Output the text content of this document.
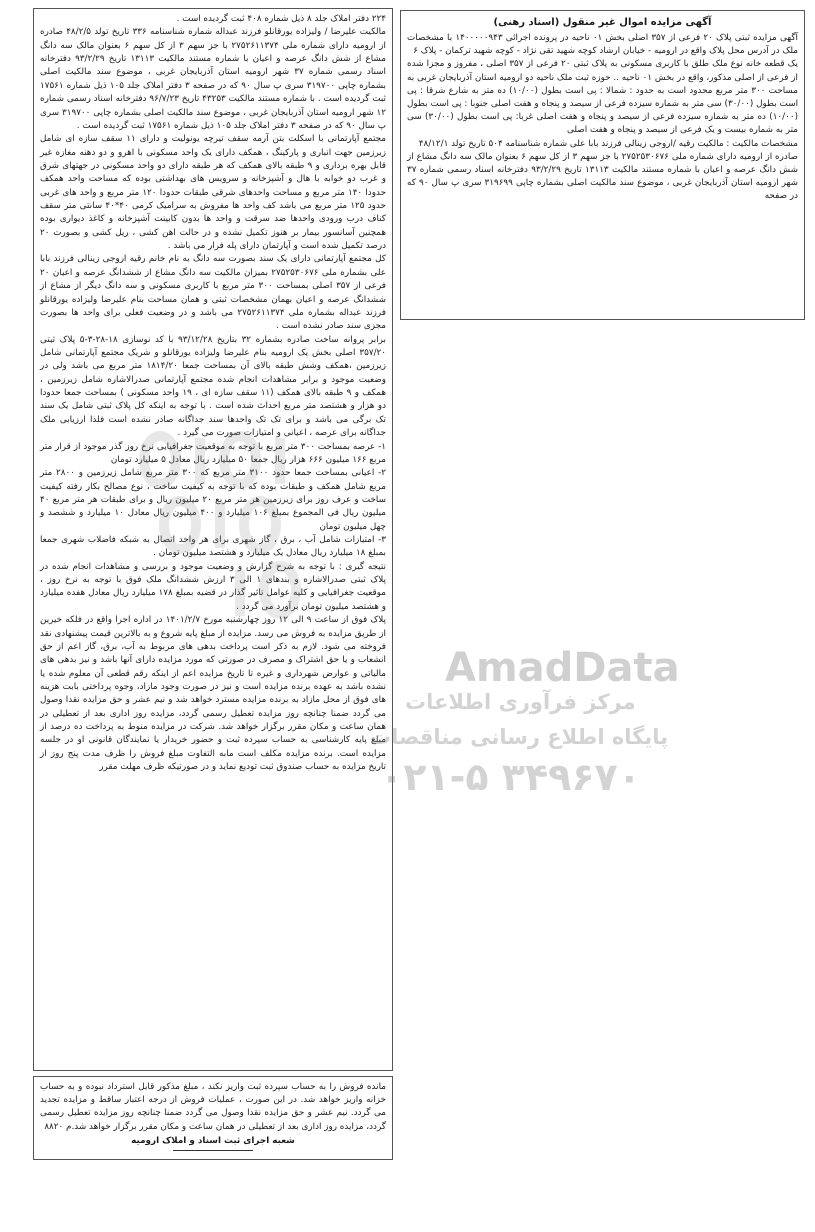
آگهی مزایده اموال غیر منقول (اسناد رهنی)

آگهی مزایده ثبتی پلاک ۲۰ فرعی از ۳۵۷ اصلی بخش ۰۱ ناحیه در پرونده اجرائی ۱۴۰۰۰۰۰۹۴۳ با مشخصات ملک در آدرس محل پلاک واقع در ارومیه - خیابان ارشاد کوچه شهید تقی نژاد - کوچه شهید ترکمان - پلاک ۶

یک قطعه خانه نوع ملک طلق با کاربری مسکونی به پلاک ثبتی ۲۰ فرعی از ۳۵۷ اصلی ، مفروز و مجزا شده از فرعی از اصلی مذکور، واقع در بخش ۰۱ ناحیه .. حوزه ثبت ملک ناحیه دو ارومیه استان آذربایجان غربی به مساحت ۳۰۰ متر مربع محدود است به حدود : شمالا : پی است بطول (۱۰/۰۰) ده متر به شارع شرقا : پی است بطول (۳۰/۰۰) سی متر به شماره سیزده فرعی از سیصد و پنجاه و هفت اصلی جنوبا : پی است بطول (۱۰/۰۰) ده متر به شماره سیزده فرعی از سیصد و پنجاه و هفت اصلی غربا: پی است بطول (۳۰/۰۰) سی متر به شماره بیست و یک فرعی از سیصد و پنجاه و هفت اصلی

مشخصات مالکیت : مالکیت رقیه /اروجی زینالی فرزند بابا علی شماره شناسنامه ۵۰۴ تاریخ تولد ۴۸/۱۲/۱

صادره از ارومیه دارای شماره ملی ۲۷۵۲۵۳۰۶۷۶ با جز سهم ۳ از کل سهم ۶ بعنوان مالک سه دانگ مشاع از شش دانگ عرصه و اعیان با شماره مستند مالکیت ۱۳۱۱۳ تاریخ ۹۳/۲/۲۹ دفترخانه اسناد رسمی شماره ۳۷ شهر ارومیه استان آذربایجان غربی ، موضوع سند مالکیت اصلی بشماره چاپی ۳۱۹۶۹۹ سری پ سال ۹۰ که در صفحه

۲۲۴ دفتر املاک جلد ۸ ذیل شماره ۴۰۸ ثبت گردیده است .

مالکیت علیرضا / ولیزاده یورقانلو فرزند عبداله شماره شناسنامه ۳۳۶ تاریخ تولد ۴۸/۲/۵ صادره از ارومیه دارای شماره ملی ۲۷۵۲۶۱۱۳۷۴ با جز سهم ۳ از کل سهم ۶ بعنوان مالک سه دانگ مشاع از شش دانگ عرصه و اعیان با شماره مستند مالکیت ۱۳۱۱۳ تاریخ ۹۳/۲/۲۹ دفترخانه اسناد رسمی شماره ۳۷ شهر ارومیه استان آذربایجان غربی ، موضوع سند مالکیت اصلی بشماره چاپی ۳۱۹۷۰۰ سری پ سال ۹۰ که در صفحه ۳ دفتر املاک جلد ۱۰۵ ذیل شماره ۱۷۵۶۱ ثبت گردیده است . با شماره مستند مالکیت ۴۳۲۵۳ تاریخ ۹۶/۷/۲۳ دفترخانه اسناد رسمی شماره ۱۲ شهر ارومیه استان آذربایجان غربی ، موضوع سند مالکیت اصلی بشماره چاپی ۳۱۹۷۰۰ سری پ سال ۹۰ که در صفحه ۳ دفتر املاک جلد ۱۰۵ ذیل شماره ۱۷۵۶۱ ثبت گردیده است .

مجتمع آپارتمانی با اسکلت بتن آرمه سقف تیرچه یونولیت و دارای ۱۱ سقف سازه ای شامل زیرزمین جهت انباری و پارکینگ ، همکف دارای یک واحد مسکونی با اهرو و دو دهنه مغازه غیر قابل بهره برداری و ۹ طبقه بالای همکف که هر طبقه دارای دو واحد مسکونی در جهتهای شرق و غرب دو خوابه با هال و آشپزخانه و سرویس های بهداشتی بوده که مساحت واحد همکف حدودا ۱۴۰ متر مربع و مساحت واحدهای شرقی طبقات حدودا ۱۲۰ متر مربع و واحد های غربی حدود ۱۲۵ متر مربع می باشد کف واحد ها مفروش به سرامیک کرمی ۴۰*۴۰ سانتی متر سقف کناف درب ورودی واحدها ضد سرقت و واحد ها بدون کابینت آشپزخانه و کاغذ دیواری بوده همچنین آسانسور بیمار بر هنوز تکمیل نشده و در حالت اهن کشی ، ریل کشی و بصورت ۲۰ درصد تکمیل شده است و آپارتمان دارای پله فرار می باشد .

کل مجتمع آپارتمانی دارای یک سند بصورت سه دانگ به نام خانم رقیه اروجی زینالی فرزند بابا علی بشماره ملی ۲۷۵۲۵۳۰۶۷۶ بمیزان مالکیت سه دانگ مشاع از ششدانگ عرصه و اعیان ۲۰ فرعی از ۳۵۷ اصلی بمساحت ۳۰۰ متر مربع با کاربری مسکونی و سه دانگ دیگر از مشاع از ششدانگ عرصه و اعیان بهمان مشخصات ثبتی و همان مساحت بنام علیرضا ولیزاده یورقانلو فرزند عبداله بشماره ملی ۲۷۵۲۶۱۱۳۷۴ می باشد و در وضعیت فعلی برای واحد ها بصورت مجزی سند صادر نشده است .

برابر پروانه ساخت صادره بشماره ۳۲ بتاریخ ۹۳/۱۲/۲۸ با کد نوسازی ۱۸-۲۸-۳-۵ پلاک ثبتی ۳۵۷/۲۰ اصلی بخش یک ارومیه بنام علیرضا ولیزاده یورقانلو و شریک مجتمع آپارتمانی شامل زیرزمین ،همکف وشش طبقه بالای آن بمساحت جمعا ۱۸۱۴/۲۰ متر مربع می باشد ولی در وضعیت موجود و برابر مشاهدات انجام شده مجتمع آپارتمانی صدرالاشاره شامل زیرزمین ، همکف و ۹ طبقه بالای همکف (۱۱ سقف سازه ای ، ۱۹ واحد مسکونی ) بمساحت جمعا حدودا دو هزار و هشتصد متر مربع احداث شده است . با توجه به اینکه کل پلاک ثبتی شامل یک سند تک برگی می باشد و برای تک تک واحدها سند جداگانه صادر نشده است فلذا ارزیابی ملک جداگانه برای عرصه ، اعیانی و امتیازات صورت می گیرد .

۱- عرصه بمساحت ۳۰۰ متر مربع با توجه به موقعیت جغرافیایی نرخ روز گذر موجود از قرار متر مربع ۱۶۶ میلیون ۶۶۶ هزار ریال جمعا ۵۰ میلیارد ریال معادل ۵ میلیارد تومان

۲- اعیانی بمساحت جمعا حدود ۳۱۰۰ متر مربع که ۳۰۰ متر مربع شامل زیرزمین و ۲۸۰۰ متر مربع شامل همکف و طبقات بوده که با توجه به کیفیت ساخت ، نوع مصالح بکار رفته کیفیت ساخت و عرف روز برای زیرزمین هر متر مربع ۲۰ میلیون ریال و برای طبقات هر متر مربع ۴۰ میلیون ریال فی المجموع بمبلغ ۱۰۶ میلیارد و ۴۰۰ میلیون ریال معادل ۱۰ میلیارد و ششصد و چهل میلیون تومان

۳- امتیازات شامل آب ، برق ، گاز شهری برای هر واحد اتصال به شبکه فاضلاب شهری جمعا بمبلغ ۱۸ میلیارد ریال معادل یک میلیارد و هشتصد میلیون تومان .

نتیجه گیری : با توجه به شرح گزارش و وضعیت موجود و بررسی و مشاهدات انجام شده در پلاک ثبتی صدرالاشاره و بندهای ۱ الی ۳ ارزش ششدانگ ملک فوق با توجه به نرخ روز ، موقعیت جغرافیایی و کلیه عوامل تاثیر گذار در قضیه بمبلغ ۱۷۸ میلیارد ریال معادل هفده میلیارد و هشتصد میلیون تومان برآورد می گردد .

پلاک فوق از ساعت ۹ الی ۱۲ روز چهارشنبه مورخ ۱۴۰۱/۲/۷ در اداره اجرا واقع در فلکه خیرین از طریق مزایده به فروش می رسد. مزایده از مبلغ پایه شروع و به بالاترین قیمت پیشنهادی نقد فروخته می شود. لازم به ذکر است پرداخت بدهی های مربوط به آب، برق، گاز اعم از حق انشعاب و یا حق اشتراک و مصرف در صورتی که مورد مزایده دارای آنها باشد و نیز بدهی های مالیاتی و عوارض شهرداری و غیره تا تاریخ مزایده اعم از اینکه رقم قطعی آن معلوم شده یا نشده باشد به عهده برنده مزایده است و نیز در صورت وجود مازاد، وجوه پرداختی بابت هزینه های فوق از محل مازاد به برنده مزایده مسترد خواهد شد و نیم عشر و حق مزایده نقدا وصول می گردد ضمنا چنانچه روز مزایده تعطیل رسمی گردد، مزایده روز اداری بعد از تعطیلی در همان ساعت و مکان مقرر برگزار خواهد شد. شرکت در مزایده منوط به پرداخت ده درصد از مبلغ پایه کارشناسی به حساب سپرده ثبت و حضور خریدار یا نمایندگان قانونی او در جلسه مزایده است. برنده مزایده مکلف است مابه التفاوت مبلغ فروش را ظرف مدت پنج روز از تاریخ مزایده به حساب صندوق ثبت تودیع نماید و در صورتیکه ظرف مهلت مقرر

مانده فروش را به حساب سپرده ثبت واریز نکند ، مبلغ مذکور قابل استرداد نبوده و به حساب خزانه واریز خواهد شد. در این صورت ، عملیات فروش از درجه اعتبار ساقط و مزایده تجدید می گردد. نیم عشر و حق مزایده نقدا وصول می گردد ضمنا چنانچه روز مزایده تعطیل رسمی گردد، مزایده روز اداری بعد از تعطیلی در همان ساعت و مکان مقرر برگزار خواهد شد.م ۸۸۲۰

شعبه اجرای ثبت اسناد و املاک ارومیه

AmadData
مرکز فرآوری اطلاعات
پایگاه اطلاع رسانی مناقصات
۰۲۱-۵ ۳۴۹۶۷۰
